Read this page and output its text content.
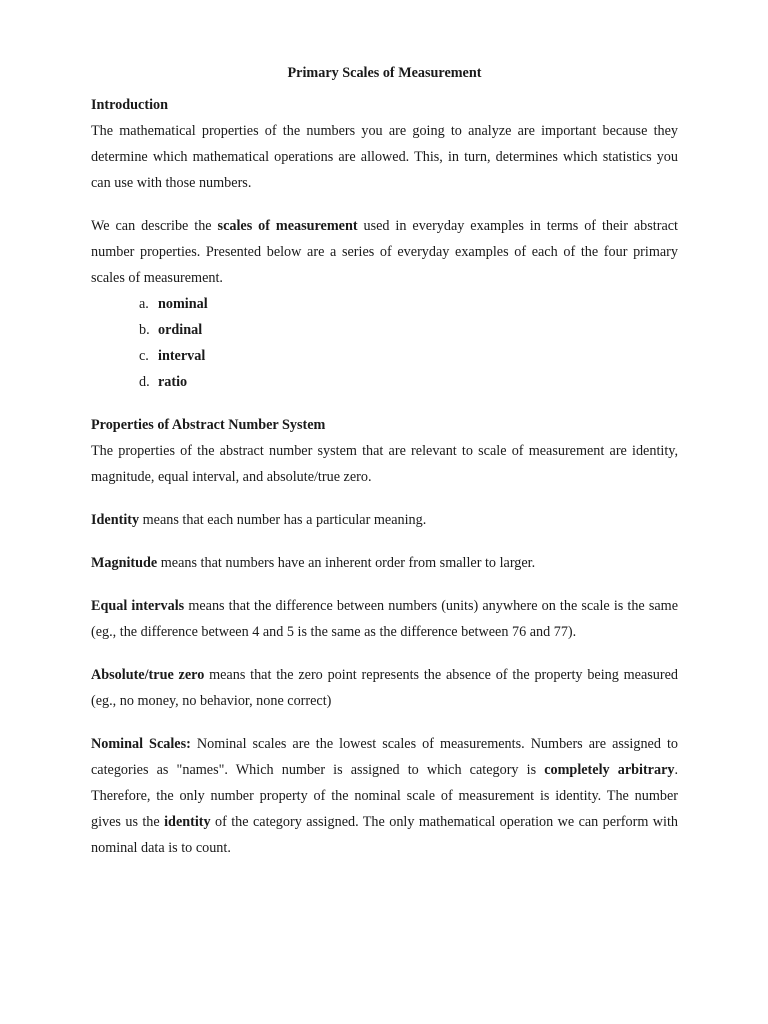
Primary Scales of Measurement

Introduction

The mathematical properties of the numbers you are going to analyze are important because they determine which mathematical operations are allowed. This, in turn, determines which statistics you can use with those numbers.

We can describe the scales of measurement used in everyday examples in terms of their abstract number properties. Presented below are a series of everyday examples of each of the four primary scales of measurement.

a. nominal
b. ordinal
c. interval
d. ratio

Properties of Abstract Number System

The properties of the abstract number system that are relevant to scale of measurement are identity, magnitude, equal interval, and absolute/true zero.

Identity means that each number has a particular meaning.

Magnitude means that numbers have an inherent order from smaller to larger.

Equal intervals means that the difference between numbers (units) anywhere on the scale is the same (eg., the difference between 4 and 5 is the same as the difference between 76 and 77).

Absolute/true zero means that the zero point represents the absence of the property being measured (eg., no money, no behavior, none correct)

Nominal Scales: Nominal scales are the lowest scales of measurements. Numbers are assigned to categories as "names". Which number is assigned to which category is completely arbitrary. Therefore, the only number property of the nominal scale of measurement is identity. The number gives us the identity of the category assigned. The only mathematical operation we can perform with nominal data is to count.
